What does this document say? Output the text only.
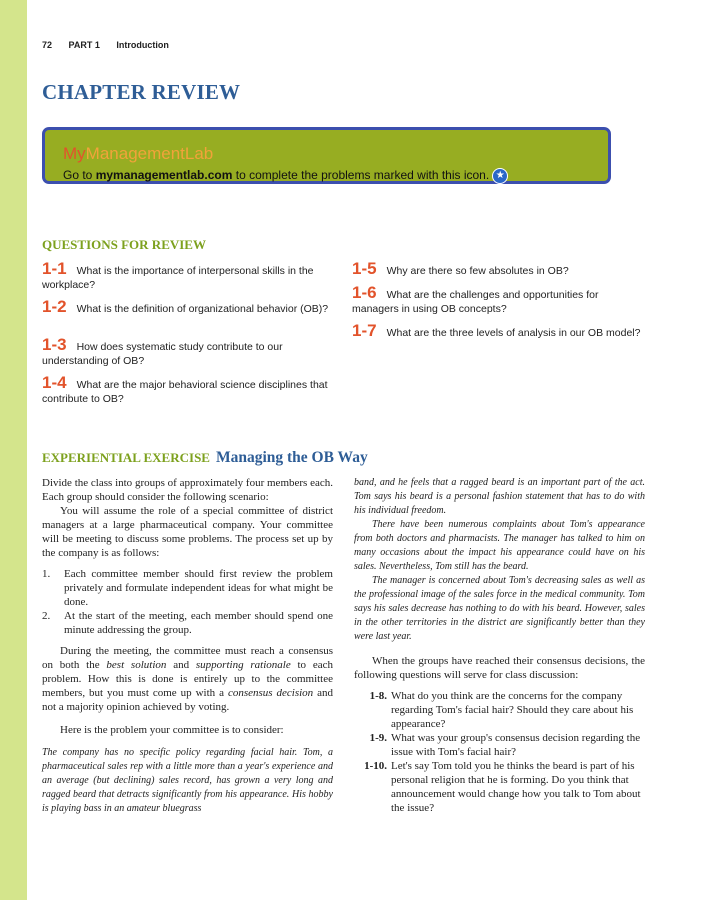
72 PART 1 Introduction
CHAPTER REVIEW
MyManagementLab
Go to mymanagementlab.com to complete the problems marked with this icon. ★
QUESTIONS FOR REVIEW
1-1 What is the importance of interpersonal skills in the workplace?
1-2 What is the definition of organizational behavior (OB)?
1-3 How does systematic study contribute to our understanding of OB?
1-4 What are the major behavioral science disciplines that contribute to OB?
1-5 Why are there so few absolutes in OB?
1-6 What are the challenges and opportunities for managers in using OB concepts?
1-7 What are the three levels of analysis in our OB model?
EXPERIENTIAL EXERCISE Managing the OB Way

Divide the class into groups of approximately four members each. Each group should consider the following scenario:

You will assume the role of a special committee of district managers at a large pharmaceutical company. Your committee will be meeting to discuss some problems. The process set up by the company is as follows:

1.	Each committee member should first review the problem privately and formulate independent ideas for what might be done.
2.	At the start of the meeting, each member should spend one minute addressing the group.

During the meeting, the committee must reach a consensus on both the best solution and supporting rationale to each problem. How this is done is entirely up to the committee members, but you must come up with a consensus decision and not a majority opinion achieved by voting.

Here is the problem your committee is to consider:

The company has no specific policy regarding facial hair. Tom, a pharmaceutical sales rep with a little more than a year's experience and an average (but declining) sales record, has grown a very long and ragged beard that detracts significantly from his appearance. His hobby is playing bass in an amateur bluegrass

band, and he feels that a ragged beard is an important part of the act. Tom says his beard is a personal fashion statement that has to do with his individual freedom.

There have been numerous complaints about Tom's appearance from both doctors and pharmacists. The manager has talked to him on many occasions about the impact his appearance could have on his sales. Nevertheless, Tom still has the beard.

The manager is concerned about Tom's decreasing sales as well as the professional image of the sales force in the medical community. Tom says his sales decrease has nothing to do with his beard. However, sales in the other territories in the district are significantly better than they were last year.

When the groups have reached their consensus decisions, the following questions will serve for class discussion:

1-8. What do you think are the concerns for the company regarding Tom's facial hair? Should they care about his appearance?
1-9. What was your group's consensus decision regarding the issue with Tom's facial hair?
1-10. Let's say Tom told you he thinks the beard is part of his personal religion that he is forming. Do you think that announcement would change how you talk to Tom about the issue?
